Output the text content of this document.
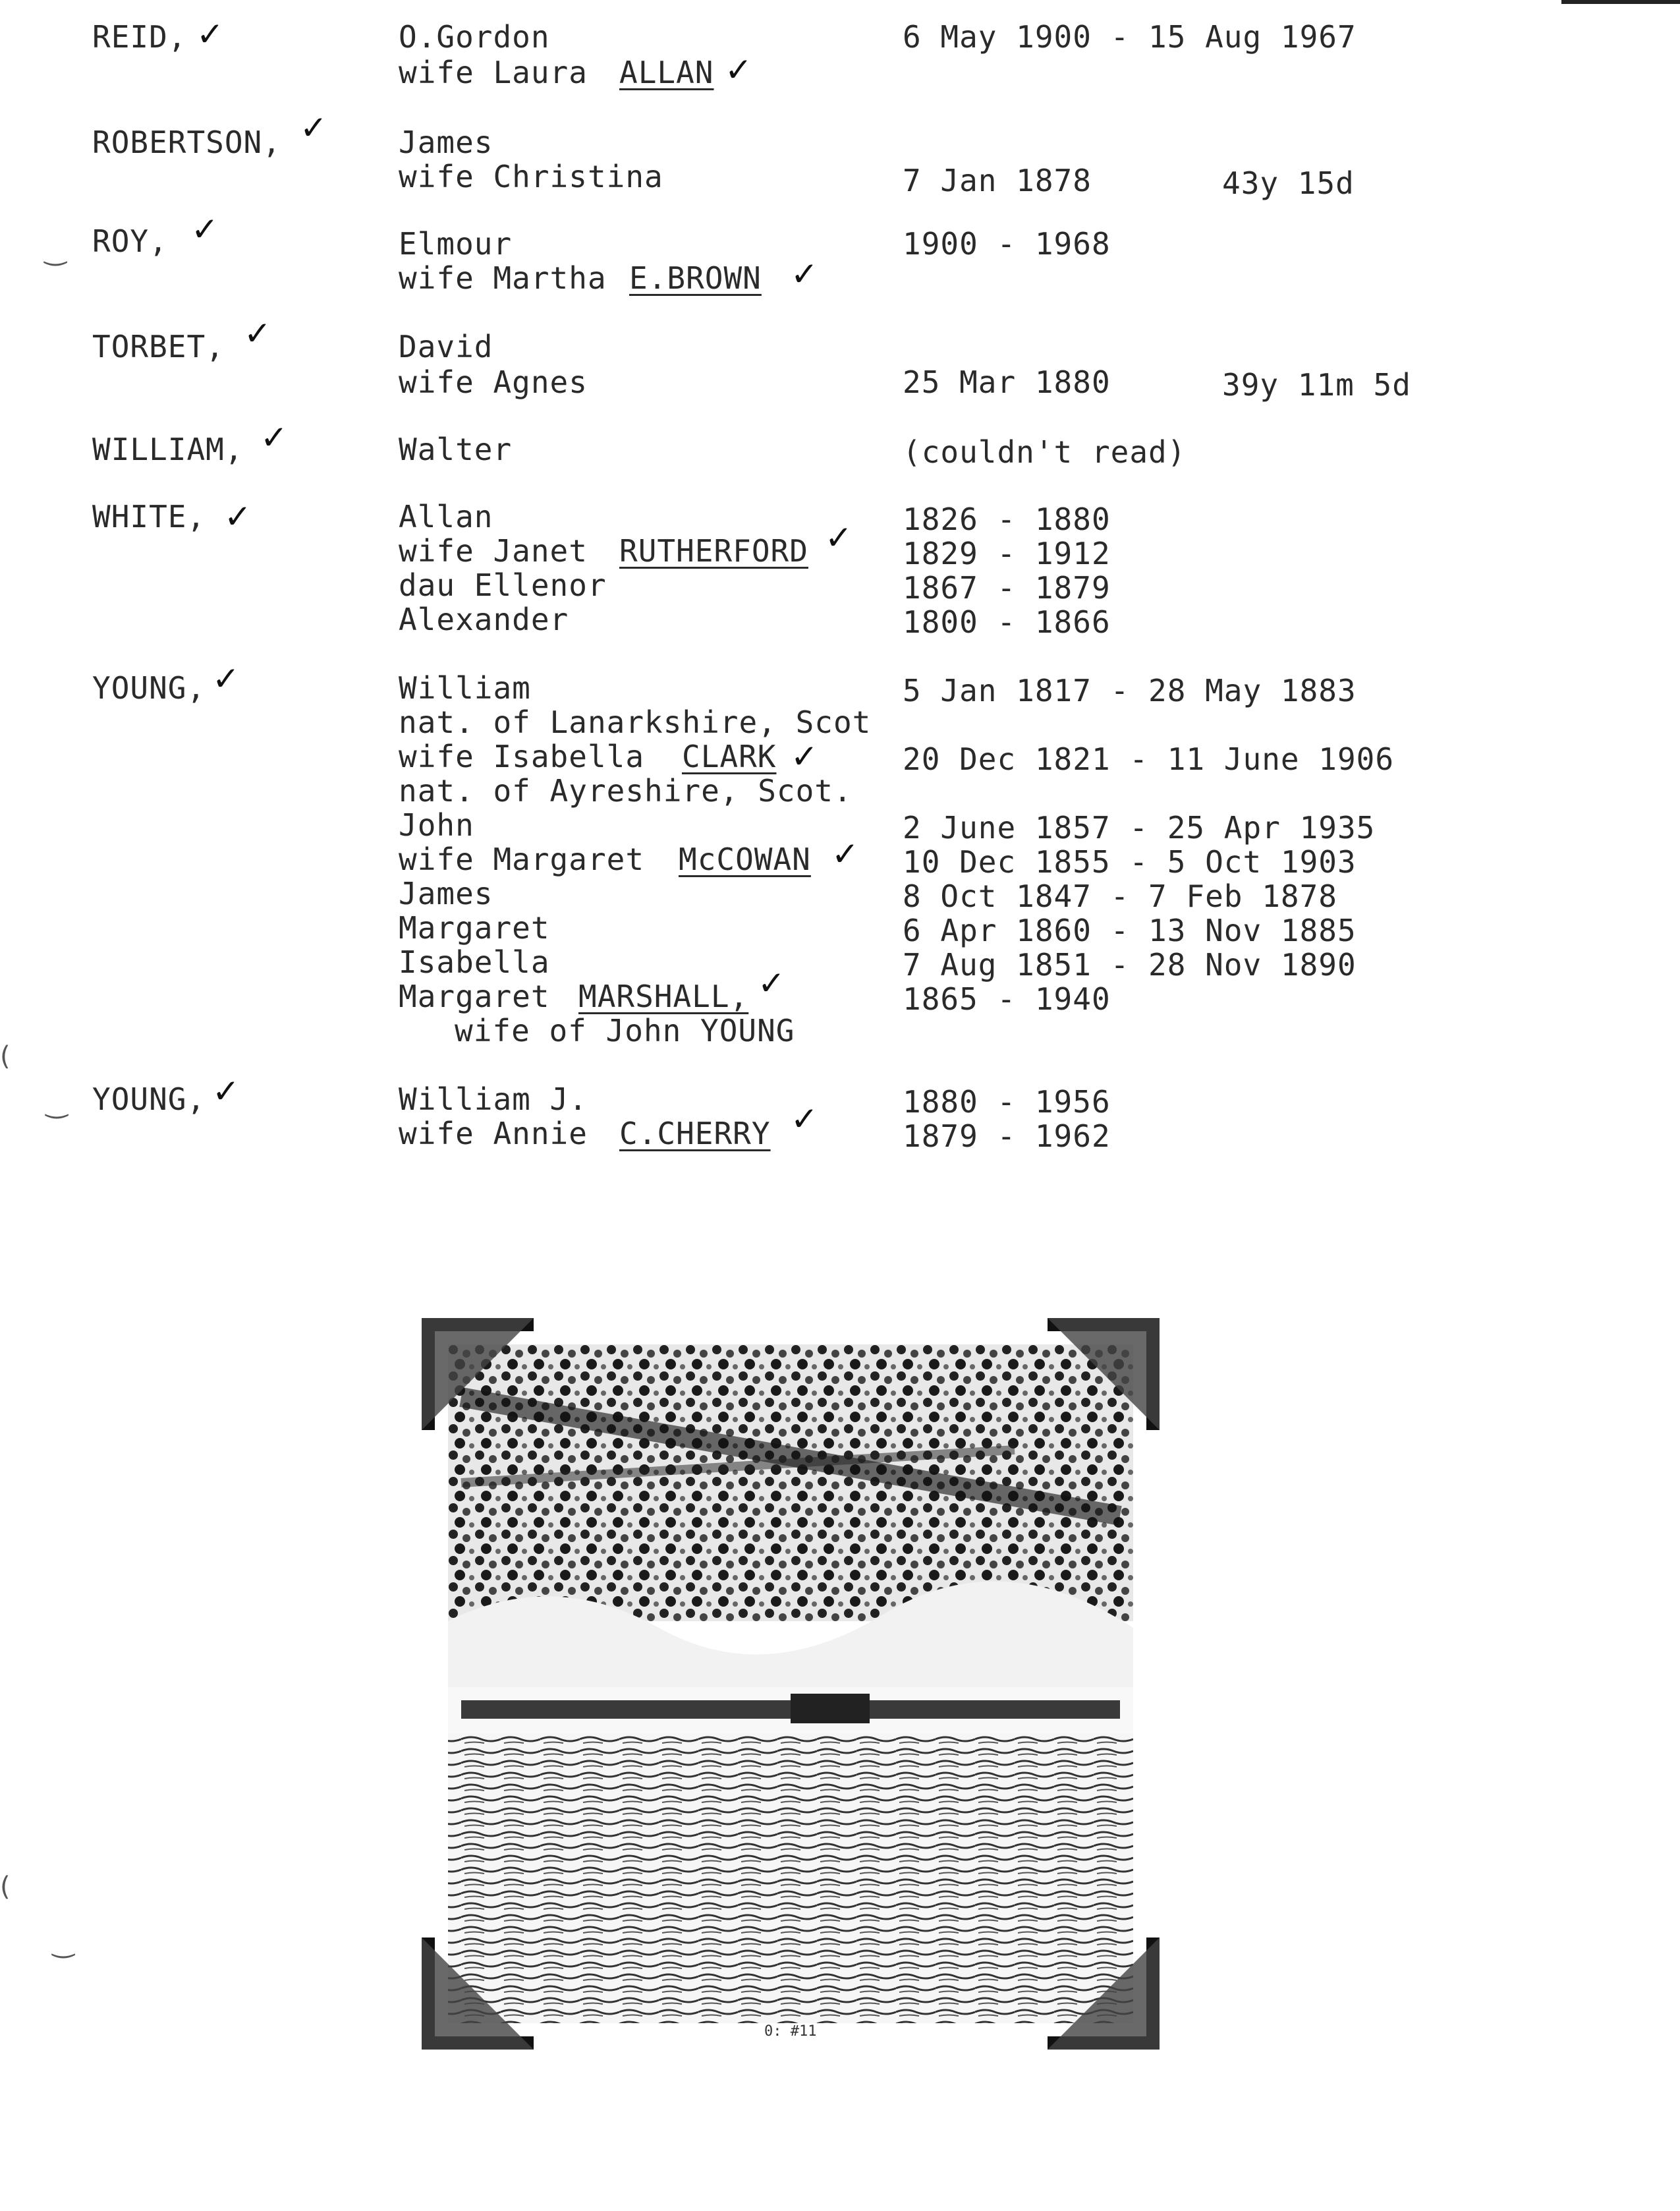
REID, ✓	O.Gordon	6 May 1900 - 15 Aug 1967
wife Laura ALLAN ✓
ROBERTSON, ✓ James
wife Christina	7 Jan 1878	43y 15d
‿ ROY, ✓	Elmour	1900 - 1968
wife Martha E.BROWN ✓
TORBET, ✓	David
wife Agnes	25 Mar 1880	39y 11m 5d
WILLIAM, ✓	Walter	(couldn't read)
WHITE, ✓	Allan	1826 - 1880
wife Janet RUTHERFORD ✓ 1829 - 1912
dau Ellenor	1867 - 1879
Alexander	1800 - 1866
YOUNG, ✓	William	5 Jan 1817 - 28 May 1883
nat. of Lanarkshire, Scot
wife Isabella CLARK ✓	20 Dec 1821 - 11 June 1906
nat. of Ayreshire, Scot.
John	2 June 1857 - 25 Apr 1935
wife Margaret McCOWAN ✓ 10 Dec 1855 - 5 Oct 1903
James	8 Oct 1847 - 7 Feb 1878
Margaret	6 Apr 1860 - 13 Nov 1885
Isabella	7 Aug 1851 - 28 Nov 1890
Margaret MARSHALL, ✓	1865 - 1940
wife of John YOUNG
(
‿ YOUNG, ✓	William J.	1880 - 1956
wife Annie C.CHERRY ✓	1879 - 1962
(
‿
0: #11
